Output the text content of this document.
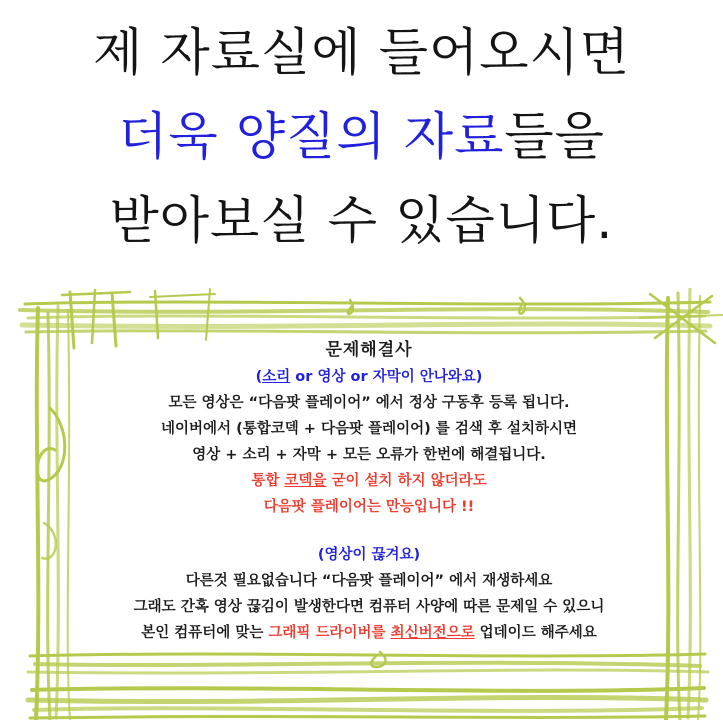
제 자료실에 들어오시면
더욱 양질의 자료들을
받아보실 수 있습니다.
문제해결사
(소리 or 영상 or 자막이 안나와요)
모든 영상은 “다음팟 플레이어” 에서 정상 구동후 등록 됩니다.
네이버에서 (통합코덱 + 다음팟 플레이어) 를 검색 후 설치하시면
영상 + 소리 + 자막 + 모든 오류가 한번에 해결됩니다.
통합 코덱을 굳이 설치 하지 않더라도
다음팟 플레이어는 만능입니다 !!
(영상이 끊겨요)
다른것 필요없습니다 “다음팟 플레이어” 에서 재생하세요
그래도 간혹 영상 끊김이 발생한다면 컴퓨터 사양에 따른 문제일 수 있으니
본인 컴퓨터에 맞는 그래픽 드라이버를 최신버전으로 업데이드 해주세요
